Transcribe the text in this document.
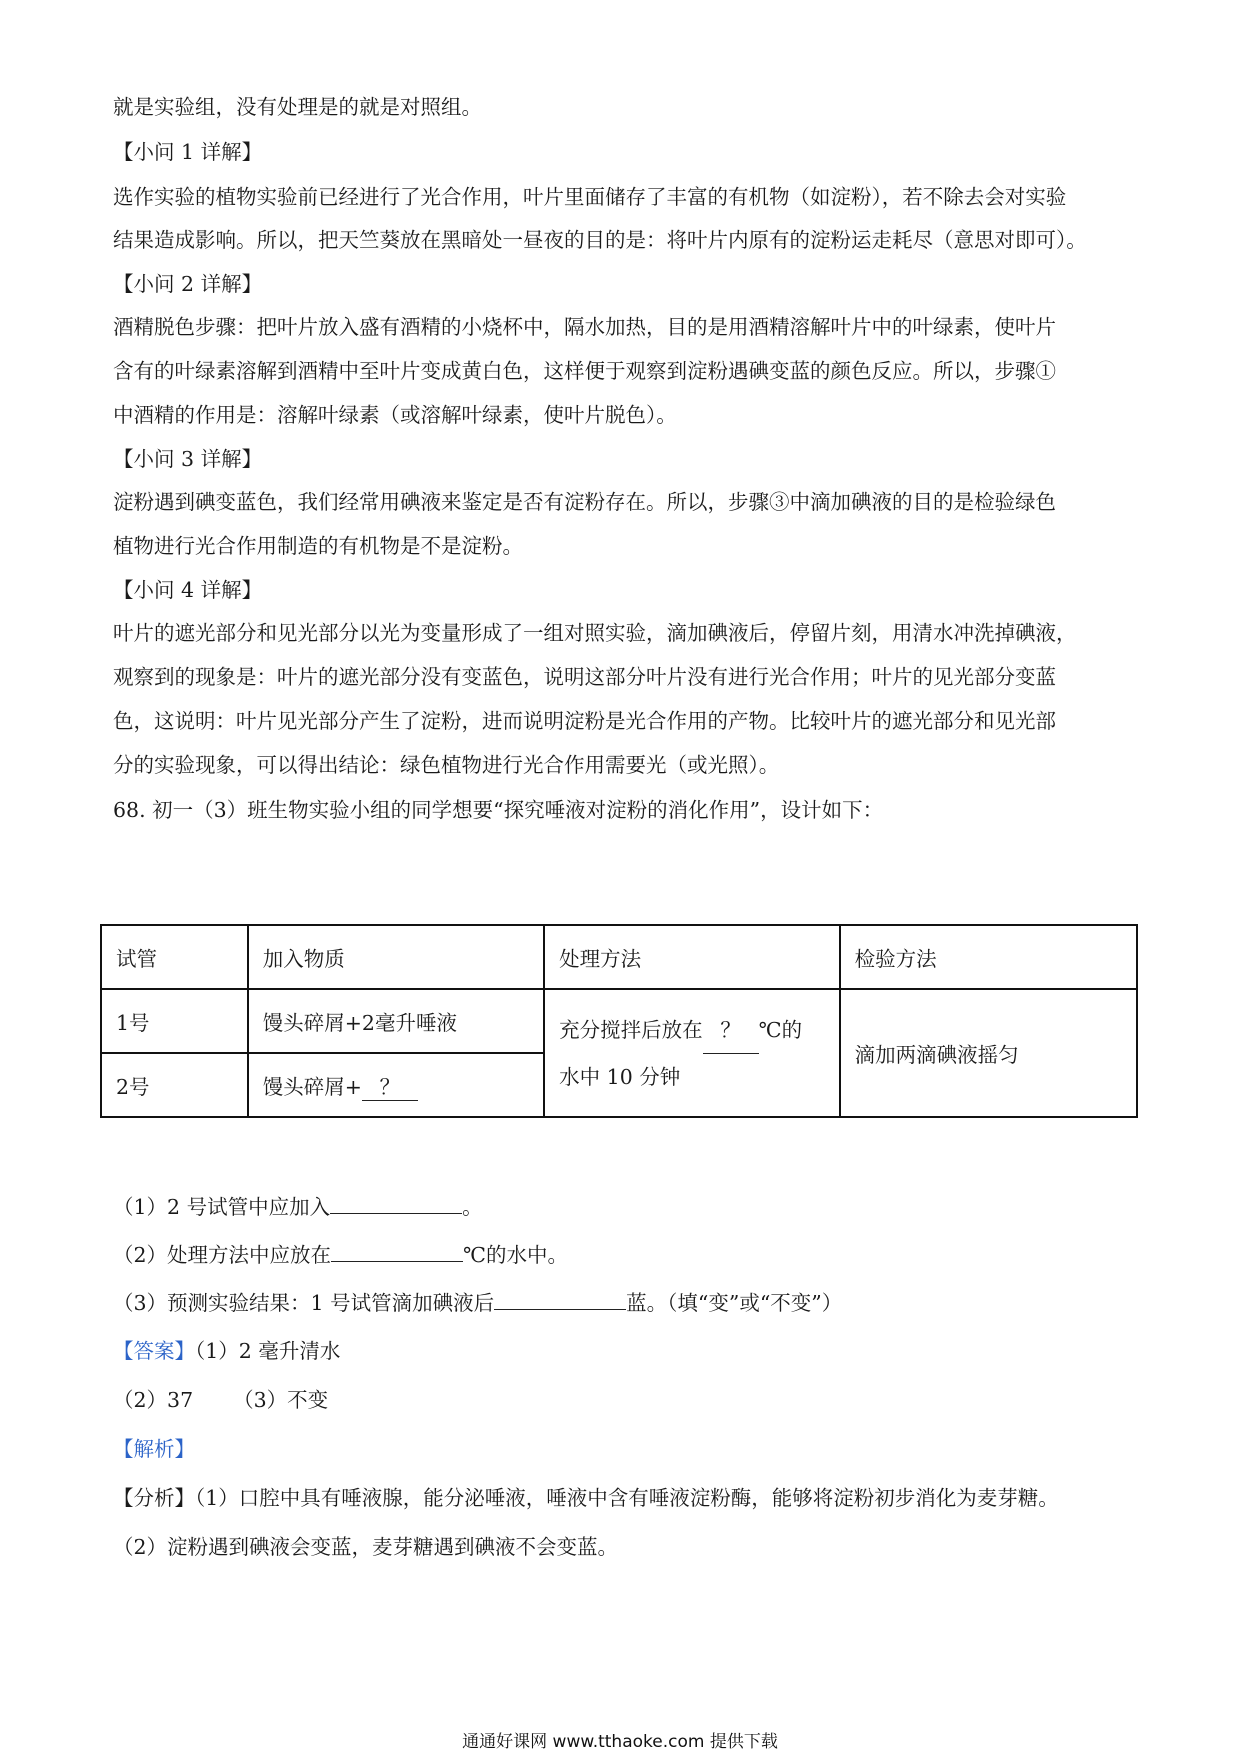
就是实验组，没有处理是的就是对照组。
【小问 1 详解】
选作实验的植物实验前已经进行了光合作用，叶片里面储存了丰富的有机物（如淀粉），若不除去会对实验
结果造成影响。所以，把天竺葵放在黑暗处一昼夜的目的是：将叶片内原有的淀粉运走耗尽（意思对即可）。
【小问 2 详解】
酒精脱色步骤：把叶片放入盛有酒精的小烧杯中，隔水加热，目的是用酒精溶解叶片中的叶绿素，使叶片
含有的叶绿素溶解到酒精中至叶片变成黄白色，这样便于观察到淀粉遇碘变蓝的颜色反应。所以，步骤①
中酒精的作用是：溶解叶绿素（或溶解叶绿素，使叶片脱色）。
【小问 3 详解】
淀粉遇到碘变蓝色，我们经常用碘液来鉴定是否有淀粉存在。所以，步骤③中滴加碘液的目的是检验绿色
植物进行光合作用制造的有机物是不是淀粉。
【小问 4 详解】
叶片的遮光部分和见光部分以光为变量形成了一组对照实验，滴加碘液后，停留片刻，用清水冲洗掉碘液，
观察到的现象是：叶片的遮光部分没有变蓝色，说明这部分叶片没有进行光合作用；叶片的见光部分变蓝
色，这说明：叶片见光部分产生了淀粉，进而说明淀粉是光合作用的产物。比较叶片的遮光部分和见光部
分的实验现象，可以得出结论：绿色植物进行光合作用需要光（或光照）。
68. 初一（3）班生物实验小组的同学想要“探究唾液对淀粉的消化作用”，设计如下：
试管	加入物质	处理方法	检验方法
1号	馒头碎屑+2毫升唾液	充分搅拌后放在 ？ ℃的
水中 10 分钟	滴加两滴碘液摇匀
2号	馒头碎屑+ ？		
（1）2 号试管中应加入	。
（2）处理方法中应放在	℃的水中。
（3）预测实验结果：1 号试管滴加碘液后	蓝。（填“变”或“不变”）
【答案】（1）2 毫升清水
（2）37 （3）不变
【解析】
【分析】（1）口腔中具有唾液腺，能分泌唾液，唾液中含有唾液淀粉酶，能够将淀粉初步消化为麦芽糖。
（2）淀粉遇到碘液会变蓝，麦芽糖遇到碘液不会变蓝。
通通好课网 www.tthaoke.com 提供下载
